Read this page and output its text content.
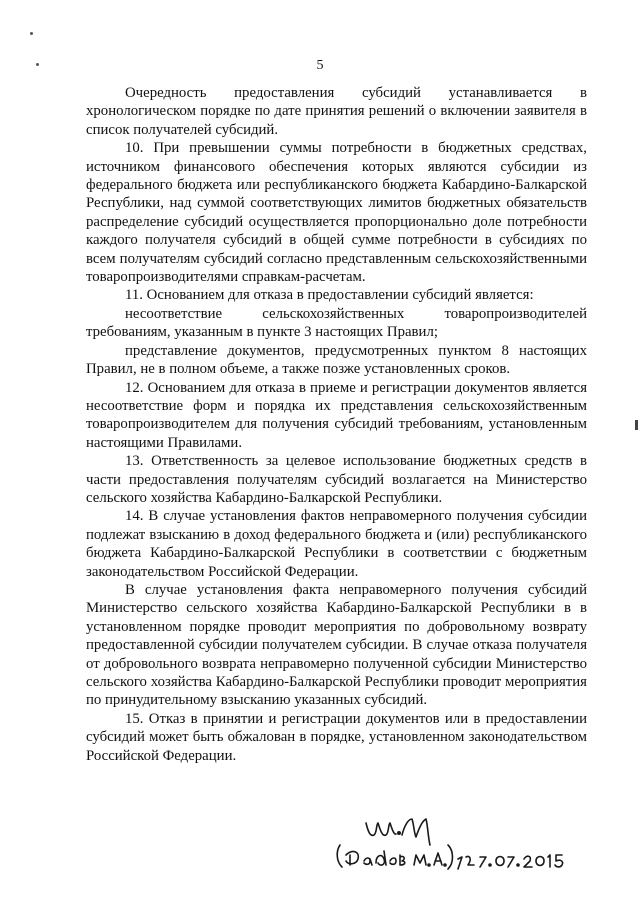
5

Очередность предоставления субсидий устанавливается в хронологическом порядке по дате принятия решений о включении заявителя в список получателей субсидий.

10. При превышении суммы потребности в бюджетных средствах, источником финансового обеспечения которых являются субсидии из федерального бюджета или республиканского бюджета Кабардино-Балкарской Республики, над суммой соответствующих лимитов бюджетных обязательств распределение субсидий осуществляется пропорционально доле потребности каждого получателя субсидий в общей сумме потребности в субсидиях по всем получателям субсидий согласно представленным сельскохозяйственными товаропроизводителями справкам-расчетам.

11. Основанием для отказа в предоставлении субсидий является:

несоответствие сельскохозяйственных товаропроизводителей требованиям, указанным в пункте 3 настоящих Правил;

представление документов, предусмотренных пунктом 8 настоящих Правил, не в полном объеме, а также позже установленных сроков.

12. Основанием для отказа в приеме и регистрации документов является несоответствие форм и порядка их представления сельскохозяйственным товаропроизводителем для получения субсидий требованиям, установленным настоящими Правилами.

13. Ответственность за целевое использование бюджетных средств в части предоставления получателям субсидий возлагается на Министерство сельского хозяйства Кабардино-Балкарской Республики.

14. В случае установления фактов неправомерного получения субсидии подлежат взысканию в доход федерального бюджета и (или) республиканского бюджета Кабардино-Балкарской Республики в соответствии с бюджетным законодательством Российской Федерации.

В случае установления факта неправомерного получения субсидий Министерство сельского хозяйства Кабардино-Балкарской Республики в в установленном порядке проводит мероприятия по добровольному возврату предоставленной субсидии получателем субсидии. В случае отказа получателя от добровольного возврата неправомерно полученной субсидии Министерство сельского хозяйства Кабардино-Балкарской Республики проводит мероприятия по принудительному взысканию указанных субсидий.

15. Отказ в принятии и регистрации документов или в предоставлении субсидий может быть обжалован в порядке, установленном законодательством Российской Федерации.
